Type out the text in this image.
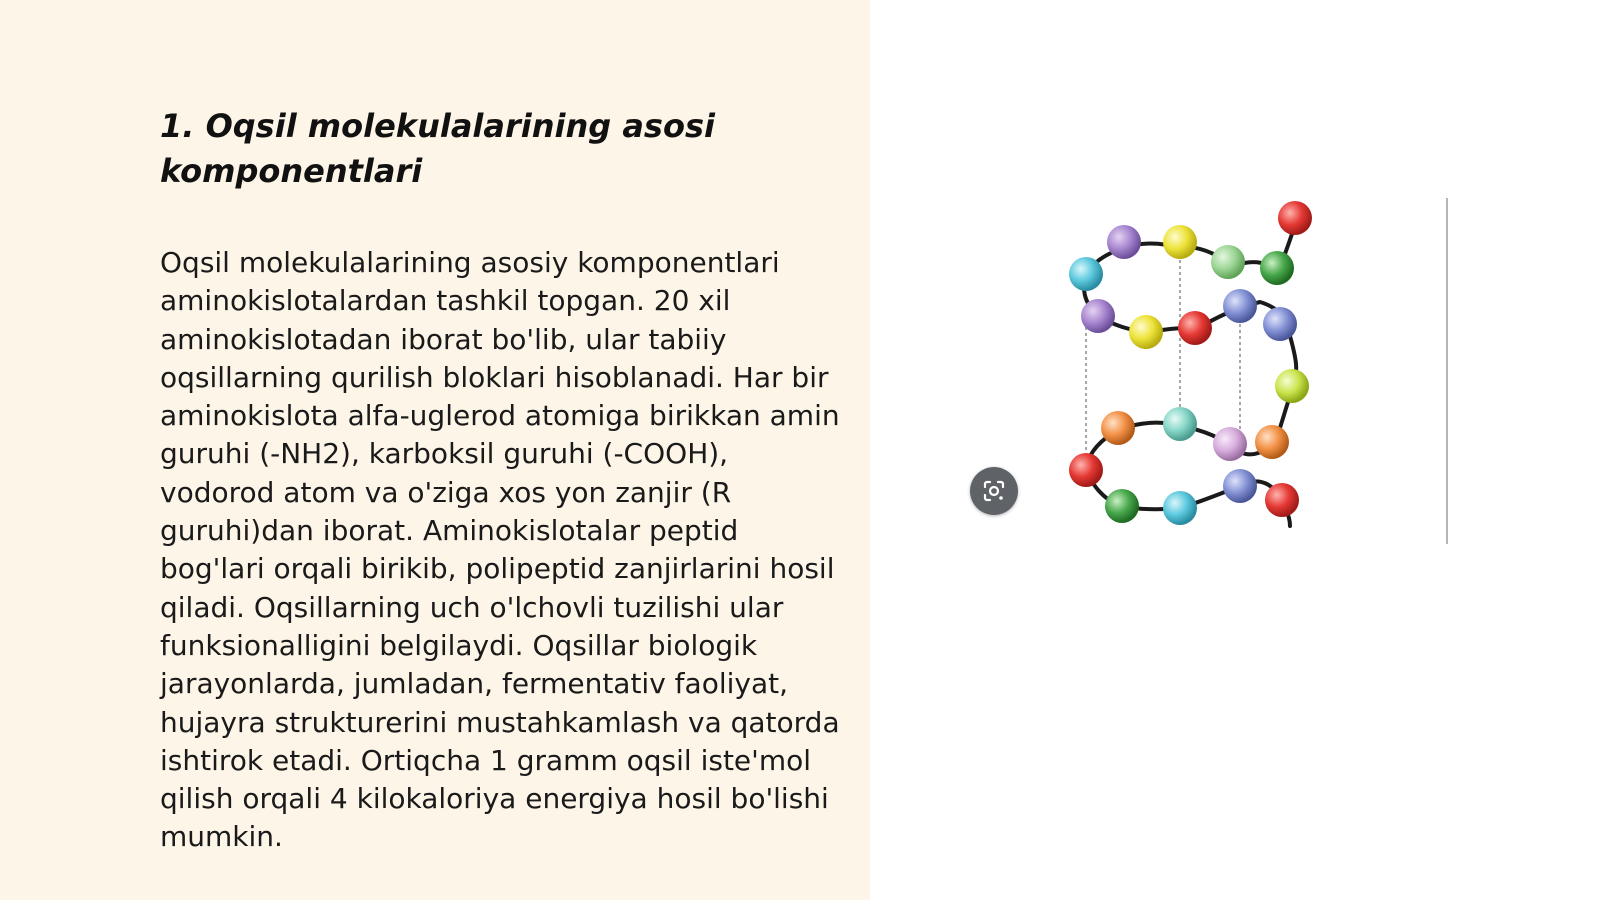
1. Oqsil molekulalarining asosi komponentlari

Oqsil molekulalarining asosiy komponentlari aminokislotalardan tashkil topgan. 20 xil aminokislotadan iborat bo'lib, ular tabiiy oqsillarning qurilish bloklari hisoblanadi. Har bir aminokislota alfa-uglerod atomiga birikkan amin guruhi (-NH2), karboksil guruhi (-COOH), vodorod atom va o'ziga xos yon zanjir (R guruhi)dan iborat. Aminokislotalar peptid bog'lari orqali birikib, polipeptid zanjirlarini hosil qiladi. Oqsillarning uch o'lchovli tuzilishi ular funksionalligini belgilaydi. Oqsillar biologik jarayonlarda, jumladan, fermentativ faoliyat, hujayra strukturerini mustahkamlash va qatorda ishtirok etadi. Ortiqcha 1 gramm oqsil iste'mol qilish orqali 4 kilokaloriya energiya hosil bo'lishi mumkin.
